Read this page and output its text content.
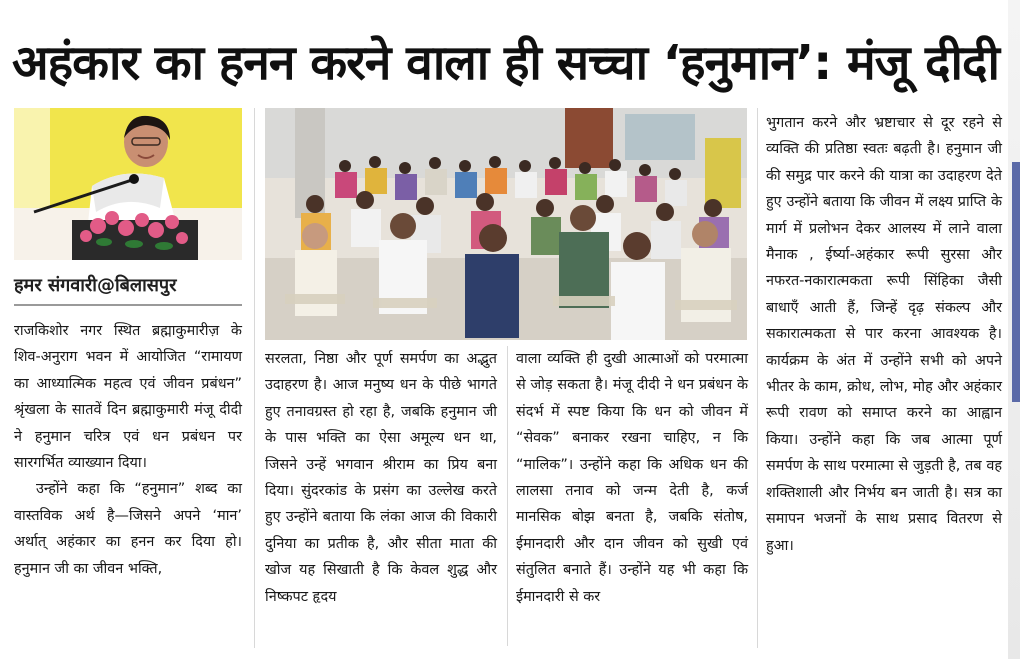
अहंकार का हनन करने वाला ही सच्चा ‘हनुमान’: मंजू दीदी
हमर संगवारी@बिलासपुर

राजकिशोर नगर स्थित ब्रह्माकुमारीज़ के शिव-अनुराग भवन में आयोजित “रामायण का आध्यात्मिक महत्व एवं जीवन प्रबंधन” श्रृंखला के सातवें दिन ब्रह्माकुमारी मंजू दीदी ने हनुमान चरित्र एवं धन प्रबंधन पर सारगर्भित व्याख्यान दिया।

उन्होंने कहा कि “हनुमान” शब्द का वास्तविक अर्थ है—जिसने अपने ‘मान’ अर्थात् अहंकार का हनन कर दिया हो। हनुमान जी का जीवन भक्ति,

सरलता, निष्ठा और पूर्ण समर्पण का अद्भुत उदाहरण है। आज मनुष्य धन के पीछे भागते हुए तनावग्रस्त हो रहा है, जबकि हनुमान जी के पास भक्ति का ऐसा अमूल्य धन था, जिसने उन्हें भगवान श्रीराम का प्रिय बना दिया। सुंदरकांड के प्रसंग का उल्लेख करते हुए उन्होंने बताया कि लंका आज की विकारी दुनिया का प्रतीक है, और सीता माता की खोज यह सिखाती है कि केवल शुद्ध और निष्कपट हृदय

वाला व्यक्ति ही दुखी आत्माओं को परमात्मा से जोड़ सकता है। मंजू दीदी ने धन प्रबंधन के संदर्भ में स्पष्ट किया कि धन को जीवन में “सेवक” बनाकर रखना चाहिए, न कि “मालिक”। उन्होंने कहा कि अधिक धन की लालसा तनाव को जन्म देती है, कर्ज मानसिक बोझ बनता है, जबकि संतोष, ईमानदारी और दान जीवन को सुखी एवं संतुलित बनाते हैं। उन्होंने यह भी कहा कि ईमानदारी से कर

भुगतान करने और भ्रष्टाचार से दूर रहने से व्यक्ति की प्रतिष्ठा स्वतः बढ़ती है। हनुमान जी की समुद्र पार करने की यात्रा का उदाहरण देते हुए उन्होंने बताया कि जीवन में लक्ष्य प्राप्ति के मार्ग में प्रलोभन देकर आलस्य में लाने वाला मैनाक , ईर्ष्या-अहंकार रूपी सुरसा और नफरत-नकारात्मकता रूपी सिंहिका जैसी बाधाएँ आती हैं, जिन्हें दृढ़ संकल्प और सकारात्मकता से पार करना आवश्यक है। कार्यक्रम के अंत में उन्होंने सभी को अपने भीतर के काम, क्रोध, लोभ, मोह और अहंकार रूपी रावण को समाप्त करने का आह्वान किया। उन्होंने कहा कि जब आत्मा पूर्ण समर्पण के साथ परमात्मा से जुड़ती है, तब वह शक्तिशाली और निर्भय बन जाती है। सत्र का समापन भजनों के साथ प्रसाद वितरण से हुआ।
